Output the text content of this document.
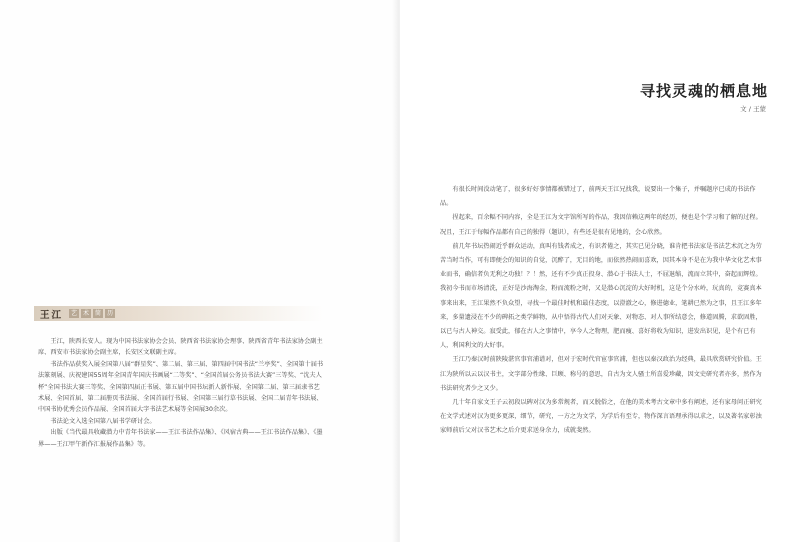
王江	艺	术	简	历

王江，陕西长安人。现为中国书法家协会会员、陕西省书法家协会理事、陕西省青年书法家协会副主席、西安市书法家协会副主席，长安区文联副主席。

书法作品获奖入展全国第八届“群星奖”、第二届、第三届、第四届中国书法“兰亭奖”、全国第十届书法篆刻展、庆祝建国55周年全国青年国庆书画展“二等奖”、“全国首届公务员书法大赛”三等奖、“沈夫人杯”全国书法大赛三等奖、全国第四届正书展、第五届中国书坛新人新作展、全国第二届、第三届隶书艺术展、全国首届、第二届册页书法展、全国首届行书展、全国第三届行草书法展、全国二届青年书法展、中国书协优秀会员作品展、全国首届大字书法艺术展等全国展30余次。

书法论文入选全国第八届书学研讨会。

出版《当代最具收藏潜力中青年书法家——王江书法作品集》、《风宿古典——王江书法作品集》、《墨界——王江甲午新作汇报展作品集》等。

寻找灵魂的栖息地
文 / 王蒙

有很长时间没动笔了，很多好好事情都被错过了，前两天王江兄找我，说要出一个集子，并嘱题序已成的书法作品。

捏起来，百余幅不同内容，全是王江为文字馆所写的作品，我因信赖这两年的经历，便也是个学习和了解的过程。况且，王江于每幅作品都有自己的独得（题识），有些还是很有见地的，会心欣然。

前几年书坛热闹近乎群众运动，真叫有钱者成之，有识者倦之，其实已见分晓，谁肯把书法家是书法艺术沉之为劳苦当时当作，可有即便会的知识的自觉，沉醉了，无目的地，而依然热闹而喜欢，因其本身不是在为我中华文化艺术事业而书，确信者负无利之功独！？！然，还有不少真正投身、潜心于书法人士，不屈退缩，流而立其中，奋起而辉煌。我初今书而市场清洗，正好是沙海淘金，粉而流粉之时，又是潜心沉淀的大好时机，这是个分水岭，玩真的，竞赛真本事来出来，王江果然不负众望，寻找一个最佳时机和最佳态度，以澄澈之心，修进德业，笔耕已然为之事，且王江多年来，多量遗浸在不少的碑拓之类学鲜物，从中悟得古代人们对天象、对物态、对人事所结意会，修道固腾，求欲固胜，以已与古人神交。寂受此，郁在古人之事情中，享今人之物理，肥而瘦、喜好将收为知识，进发出识见，是个有已有人，利国利文的大好事。

王江乃秦汉时前陕陵湛官事官浦谱对，但对于宏时代官宦事官浦，但也以秦汉政治为经典，最具欣赏研究价值。王江为陕所以云以汉书主，文字部分性缘、巨顾、称号的意思，自古为文人骚士所喜爱珍藏，因文史研究者亦多，然作为书法研究者少之又少。

几十年自家文王子云初段以碑对汉为多常规者，而又脱俗之，在他的美术考古文章中多有阐述，还有家母问正研究在文学式述对汉为更多更深，细节，研究，一方之为文学，为学后有至专，物作深言语理承得以求之，以及著名家彰浊家师前后父对汉书艺术之后介更求送身余力，成就斐然。
